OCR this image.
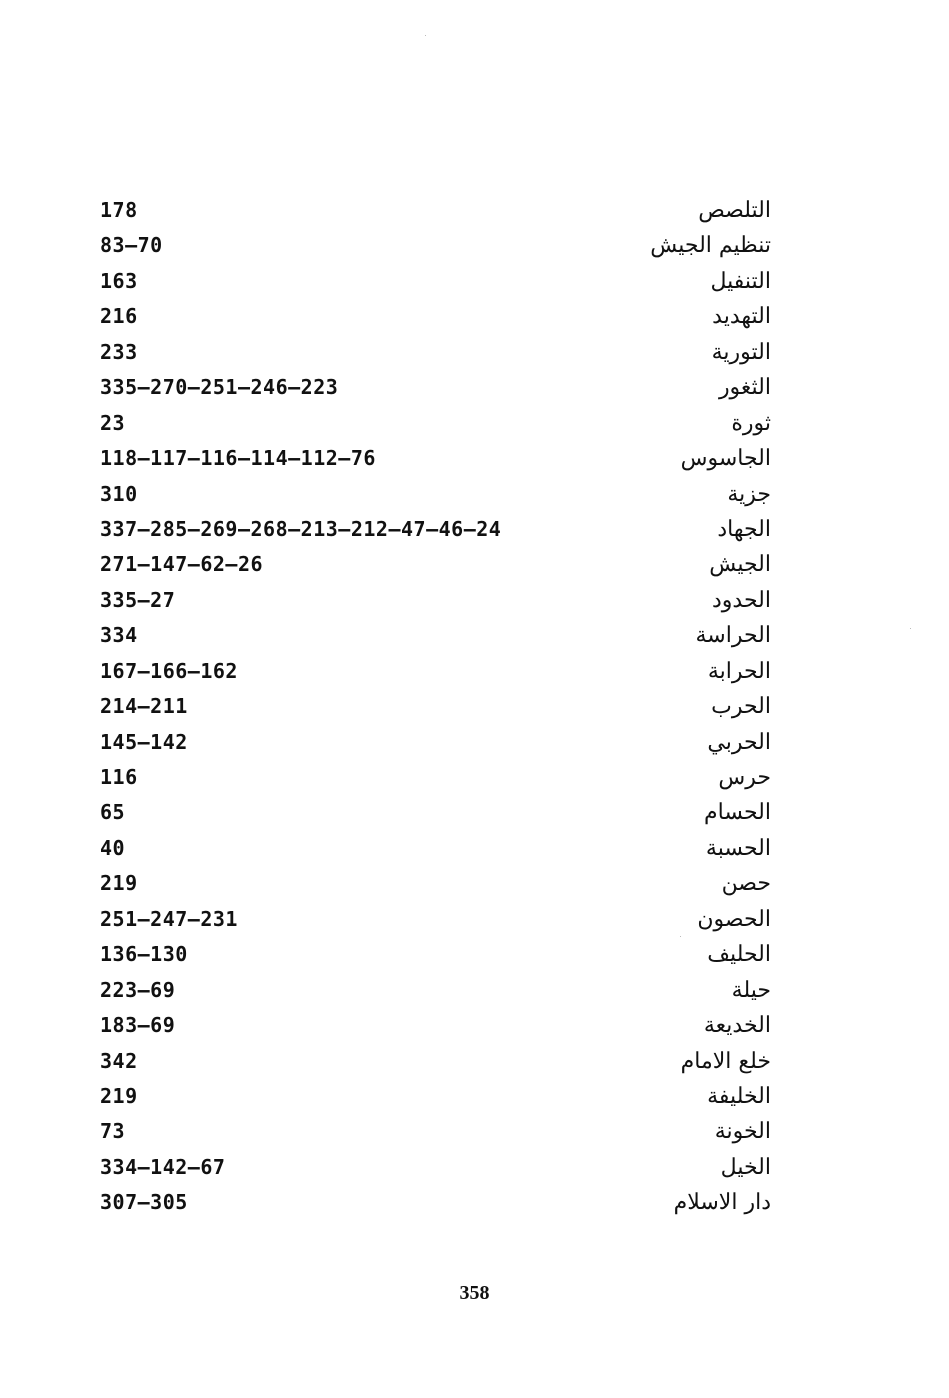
178	التلصص
83–70	تنظيم الجيش
163	التنفيل
216	التهديد
233	التورية
335–270–251–246–223	الثغور
23	ثورة
118–117–116–114–112–76	الجاسوس
310	جزية
337–285–269–268–213–212–47–46–24	الجهاد
271–147–62–26	الجيش
335–27	الحدود
334	الحراسة
167–166–162	الحرابة
214–211	الحرب
145–142	الحربي
116	حرس
65	الحسام
40	الحسبة
219	حصن
251–247–231	الحصون
136–130	الحليف
223–69	حيلة
183–69	الخديعة
342	خلع الامام
219	الخليفة
73	الخونة
334–142–67	الخيل
307–305	دار الاسلام
358
